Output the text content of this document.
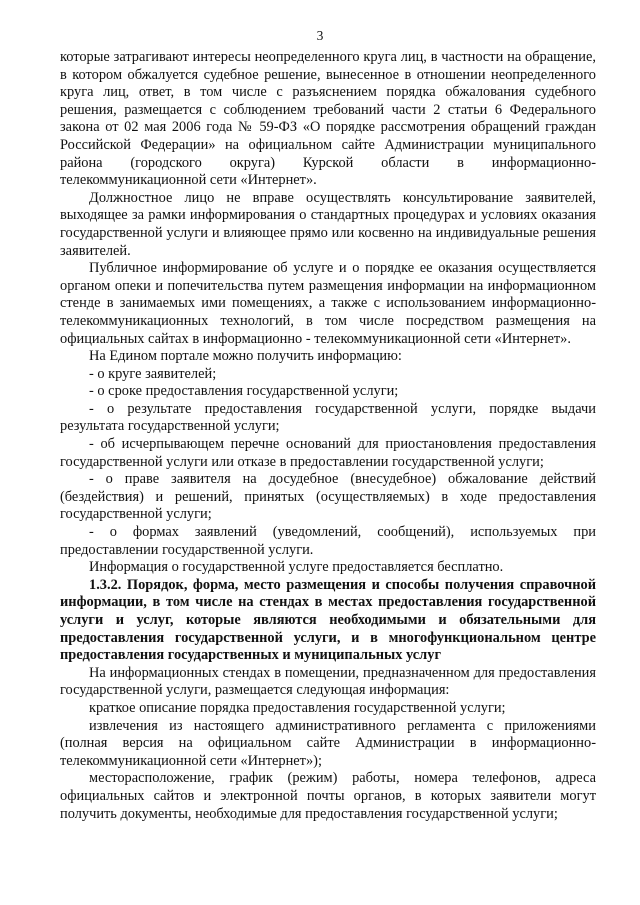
3

которые затрагивают интересы неопределенного круга лиц, в частности на обращение, в котором обжалуется судебное решение, вынесенное в отношении неопределенного круга лиц, ответ, в том числе с разъяснением порядка обжалования судебного решения, размещается с соблюдением требований части 2 статьи 6 Федерального закона от 02 мая 2006 года № 59-ФЗ «О порядке рассмотрения обращений граждан Российской Федерации» на официальном сайте Администрации муниципального района (городского округа) Курской области в информационно-телекоммуникационной сети «Интернет».

Должностное лицо не вправе осуществлять консультирование заявителей, выходящее за рамки информирования о стандартных процедурах и условиях оказания государственной услуги и влияющее прямо или косвенно на индивидуальные решения заявителей.

Публичное информирование об услуге и о порядке ее оказания осуществляется органом опеки и попечительства путем размещения информации на информационном стенде в занимаемых ими помещениях, а также с использованием информационно-телекоммуникационных технологий, в том числе посредством размещения на официальных сайтах в информационно - телекоммуникационной сети «Интернет».

На Едином портале можно получить информацию:

- о круге заявителей;

- о сроке предоставления государственной услуги;

- о результате предоставления государственной услуги, порядке выдачи результата государственной услуги;

- об исчерпывающем перечне оснований для приостановления предоставления государственной услуги или отказе в предоставлении государственной услуги;

- о праве заявителя на досудебное (внесудебное) обжалование действий (бездействия) и решений, принятых (осуществляемых) в ходе предоставления государственной услуги;

- о формах заявлений (уведомлений, сообщений), используемых при предоставлении государственной услуги.

Информация о государственной услуге предоставляется бесплатно.

1.3.2. Порядок, форма, место размещения и способы получения справочной информации, в том числе на стендах в местах предоставления государственной услуги и услуг, которые являются необходимыми и обязательными для предоставления государственной услуги, и в многофункциональном центре предоставления государственных и муниципальных услуг

На информационных стендах в помещении, предназначенном для предоставления государственной услуги, размещается следующая информация:

краткое описание порядка предоставления государственной услуги;

извлечения из настоящего административного регламента с приложениями (полная версия на официальном сайте Администрации в информационно-телекоммуникационной сети «Интернет»);

месторасположение, график (режим) работы, номера телефонов, адреса официальных сайтов и электронной почты органов, в которых заявители могут получить документы, необходимые для предоставления государственной услуги;
